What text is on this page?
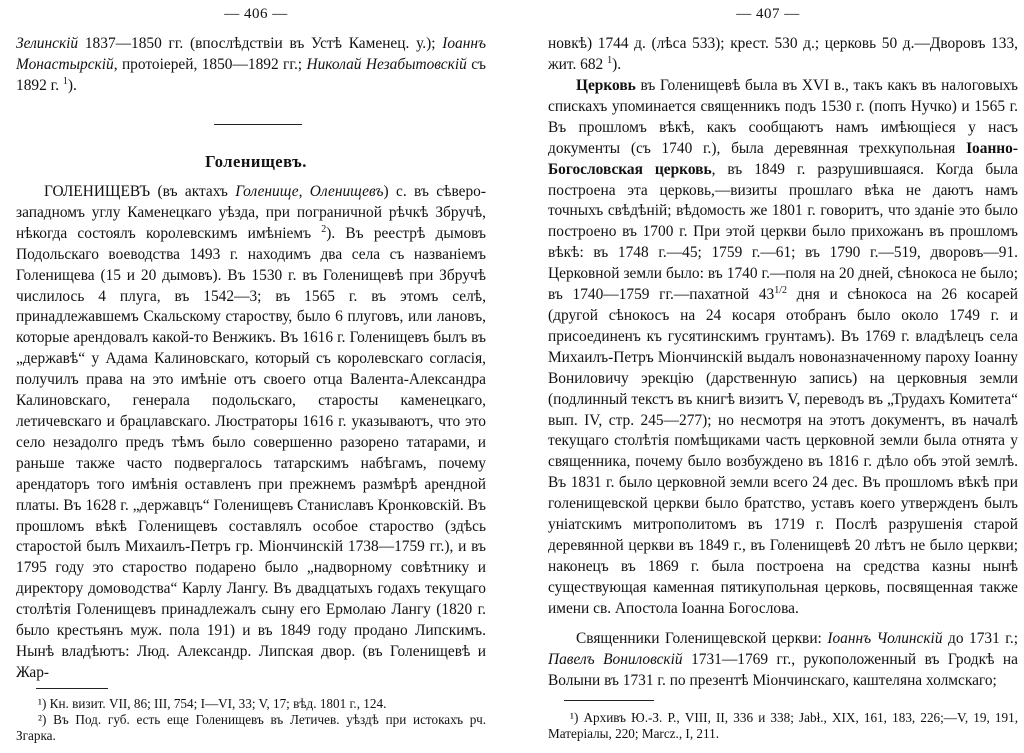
— 406 —

Зелинскiй 1837—1850 гг. (впослѣдствiи въ Устѣ Каменец. у.); Iоаннъ Монастырскiй, протоiерей, 1850—1892 гг.; Николай Незабытовскiй съ 1892 г. $^1$).

Голенищевъ.

ГОЛЕНИЩЕВЪ (въ актахъ Голенище, Оленищевъ) с. въ сѣверо-западномъ углу Каменецкаго уѣзда, при пограничной рѣчкѣ Збручѣ, нѣкогда состоялъ королевскимъ имѣнiемъ $^2$). Въ реестрѣ дымовъ Подольскаго воеводства 1493 г. находимъ два села съ названiемъ Голенищева (15 и 20 дымовъ). Въ 1530 г. въ Голенищевѣ при Збручѣ числилось 4 плуга, въ 1542—3; въ 1565 г. въ этомъ селѣ, принадлежавшемъ Скальскому староству, было 6 плуговъ, или лановъ, которые арендовалъ какой-то Венжикъ. Въ 1616 г. Голенищевъ былъ въ „державѣ“ у Адама Калиновскаго, который съ королевскаго согласiя, получилъ права на это имѣнiе отъ своего отца Валента-Александра Калиновскаго, генерала подольскаго, старосты каменецкаго, летичевскаго и брацлавскаго. Люстраторы 1616 г. указываютъ, что это село незадолго предъ тѣмъ было совершенно разорено татарами, и раньше также часто подвергалось татарскимъ набѣгамъ, почему арендаторъ того имѣнiя оставленъ при прежнемъ размѣрѣ арендной платы. Въ 1628 г. „державцъ“ Голенищевъ Станиславъ Кронковскiй. Въ прошломъ вѣкѣ Голенищевъ составлялъ особое староство (здѣсь старостой былъ Михаилъ-Петръ гр. Мiончинскiй 1738—1759 гг.), и въ 1795 году это староство подарено было „надворному совѣтнику и директору домоводства“ Карлу Лангу. Въ двадцатыхъ годахъ текущаго столѣтiя Голенищевъ принадлежалъ сыну его Ермолаю Лангу (1820 г. было крестьянъ муж. пола 191) и въ 1849 году продано Липскимъ. Нынѣ владѣютъ: Люд. Александр. Липская двор. (въ Голенищевѣ и Жар-

¹) Кн. визит. VII, 86; III, 754; I—VI, 33; V, 17; вѣд. 1801 г., 124.

²) Въ Под. губ. есть еще Голенищевъ въ Летичев. уѣздѣ при истокахъ рч. Згарка.

— 407 —

новкѣ) 1744 д. (лѣса 533); крест. 530 д.; церковь 50 д.—Дворовъ 133, жит. 682 $^1$).

Церковь въ Голенищевѣ была въ XVI в., такъ какъ въ налоговыхъ спискахъ упоминается священникъ подъ 1530 г. (попъ Нучко) и 1565 г. Въ прошломъ вѣкѣ, какъ сообщаютъ намъ имѣющiеся у насъ документы (съ 1740 г.), была деревянная трехкупольная Iоанно-Богословская церковь, въ 1849 г. разрушившаяся. Когда была построена эта церковь,—визиты прошлаго вѣка не даютъ намъ точныхъ свѣдѣнiй; вѣдомость же 1801 г. говоритъ, что зданiе это было построено въ 1700 г. При этой церкви было прихожанъ въ прошломъ вѣкѣ: въ 1748 г.—45; 1759 г.—61; въ 1790 г.—519, дворовъ—91. Церковной земли было: въ 1740 г.—поля на 20 дней, сѣнокоса не было; въ 1740—1759 гг.—пахатной $43^{1/2}$ дня и сѣнокоса на 26 косарей (другой сѣнокосъ на 24 косаря отобранъ было около 1749 г. и присоединенъ къ гусятинскимъ грунтамъ). Въ 1769 г. владѣлецъ села Михаилъ-Петръ Мiончинскiй выдалъ новоназначенному пароху Iоанну Вониловичу эрекцiю (дарственную запись) на церковныя земли (подлинный текстъ въ книгѣ визитъ V, переводъ въ „Трудахъ Комитета“ вып. IV, стр. 245—277); но несмотря на этотъ документъ, въ началѣ текущаго столѣтiя помѣщиками часть церковной земли была отнята у священника, почему было возбуждено въ 1816 г. дѣло объ этой землѣ. Въ 1831 г. было церковной земли всего 24 дес. Въ прошломъ вѣкѣ при голенищевской церкви было братство, уставъ коего утвержденъ былъ унiатскимъ митрополитомъ въ 1719 г. Послѣ разрушенiя старой деревянной церкви въ 1849 г., въ Голенищевѣ 20 лѣтъ не было церкви; наконецъ въ 1869 г. была построена на средства казны нынѣ существующая каменная пятикупольная церковь, посвященная также имени св. Апостола Iоанна Богослова.

Священники Голенищевской церкви: Iоаннъ Чолинскiй до 1731 г.; Павелъ Вониловскiй 1731—1769 гг., рукоположенный въ Гродкѣ на Волыни въ 1731 г. по презентѣ Мiончинскаго, каштеляна холмскаго;

¹) Архивъ Ю.-З. Р., VIII, II, 336 и 338; Jabł., XIX, 161, 183, 226;—V, 19, 191, Матерiалы, 220; Marcz., I, 211.
